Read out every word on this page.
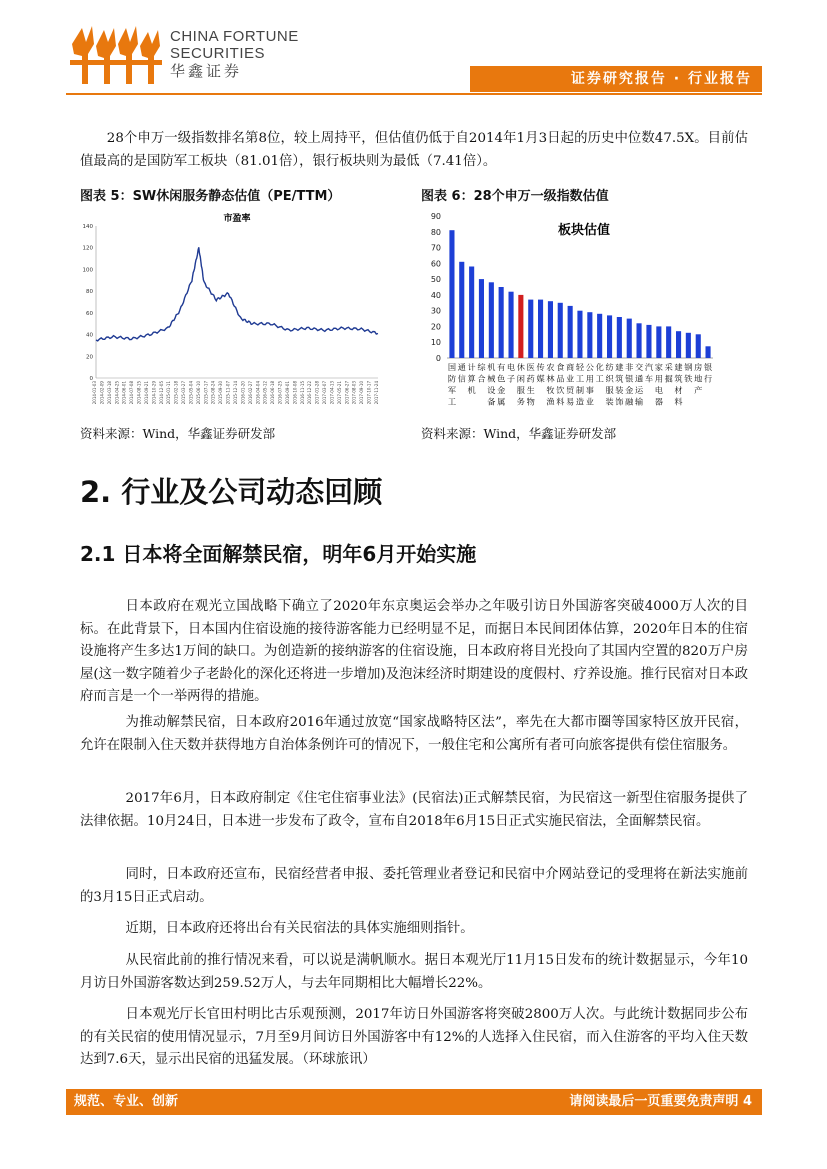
CHINA FORTUNE
SECURITIES
华鑫证券	证券研究报告 · 行业报告

28个申万一级指数排名第8位，较上周持平，但估值仍低于自2014年1月3日起的历史中位数47.5X。目前估值最高的是国防军工板块（81.01倍），银行板块则为最低（7.41倍）。

图表 5：SW休闲服务静态估值（PE/TTM）	图表 6：28个申万一级指数估值
市盈率
0
20
40
60
80
100
120
140
2014-01-03 2014-02-09 2014-03-18 2014-04-25 2014-06-01 2014-07-08 2014-08-15 2014-09-21 2014-10-29 2014-12-05 2015-01-11 2015-02-18 2015-03-27 2015-05-04 2015-06-10 2015-07-17 2015-08-24 2015-09-30 2015-11-07 2015-12-14 2016-01-20 2016-02-27 2016-04-04 2016-05-12 2016-06-18 2016-07-25 2016-09-01 2016-10-08 2016-11-15 2016-12-22 2017-01-28 2017-03-07 2017-04-13 2017-05-21 2017-06-27 2017-08-03 2017-09-10 2017-10-17 2017-11-24
板块估值
0
10
20
30
40
50
60
70
80
90
国防军工
通信
计算机
综合
机械设备
有色金属
电子
休闲服务
医药生物
传媒
农林牧渔
食品饮料
商业贸易
轻工制造
公用事业
化工
纺织服装
建筑装饰
非银金融
交通运输
汽车
家用电器
采掘
建筑材料
钢铁
房地产
银行
资料来源：Wind，华鑫证券研发部	资料来源：Wind，华鑫证券研发部
2. 行业及公司动态回顾
2.1 日本将全面解禁民宿，明年6月开始实施

日本政府在观光立国战略下确立了2020年东京奥运会举办之年吸引访日外国游客突破4000万人次的目标。在此背景下，日本国内住宿设施的接待游客能力已经明显不足，而据日本民间团体估算，2020年日本的住宿设施将产生多达1万间的缺口。为创造新的接纳游客的住宿设施，日本政府将目光投向了其国内空置的820万户房屋(这一数字随着少子老龄化的深化还将进一步增加)及泡沫经济时期建设的度假村、疗养设施。推行民宿对日本政府而言是一个一举两得的措施。

为推动解禁民宿，日本政府2016年通过放宽“国家战略特区法”，率先在大都市圈等国家特区放开民宿，允许在限制入住天数并获得地方自治体条例许可的情况下，一般住宅和公寓所有者可向旅客提供有偿住宿服务。

2017年6月，日本政府制定《住宅住宿事业法》(民宿法)正式解禁民宿，为民宿这一新型住宿服务提供了法律依据。10月24日，日本进一步发布了政令，宣布自2018年6月15日正式实施民宿法，全面解禁民宿。

同时，日本政府还宣布，民宿经营者申报、委托管理业者登记和民宿中介网站登记的受理将在新法实施前的3月15日正式启动。

近期，日本政府还将出台有关民宿法的具体实施细则指针。

从民宿此前的推行情况来看，可以说是满帆顺水。据日本观光厅11月15日发布的统计数据显示，今年10月访日外国游客数达到259.52万人，与去年同期相比大幅增长22%。

日本观光厅长官田村明比古乐观预测，2017年访日外国游客将突破2800万人次。与此统计数据同步公布的有关民宿的使用情况显示，7月至9月间访日外国游客中有12%的人选择入住民宿，而入住游客的平均入住天数达到7.6天，显示出民宿的迅猛发展。（环球旅讯）

规范、专业、创新	请阅读最后一页重要免责声明 4
